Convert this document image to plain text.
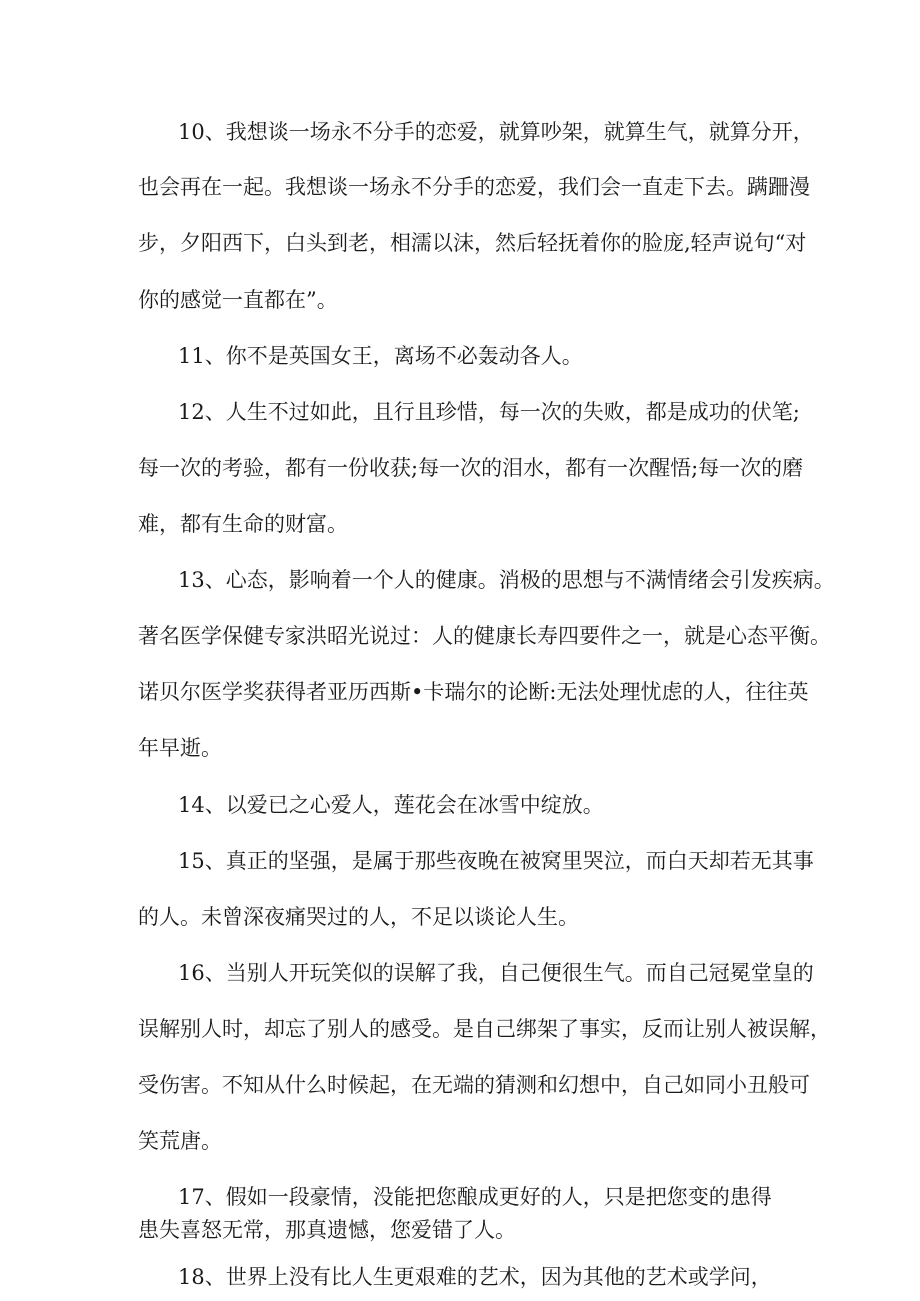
10、我想谈一场永不分手的恋爱，就算吵架，就算生气，就算分开，

也会再在一起。我想谈一场永不分手的恋爱，我们会一直走下去。蹒跚漫

步，夕阳西下，白头到老，相濡以沫，然后轻抚着你的脸庞,轻声说句“对

你的感觉一直都在”。

11、你不是英国女王，离场不必轰动各人。

12、人生不过如此，且行且珍惜，每一次的失败，都是成功的伏笔;

每一次的考验，都有一份收获;每一次的泪水，都有一次醒悟;每一次的磨

难，都有生命的财富。

13、心态，影响着一个人的健康。消极的思想与不满情绪会引发疾病。

著名医学保健专家洪昭光说过：人的健康长寿四要件之一，就是心态平衡。

诺贝尔医学奖获得者亚历西斯•卡瑞尔的论断:无法处理忧虑的人，往往英

年早逝。

14、以爱已之心爱人，莲花会在冰雪中绽放。

15、真正的坚强，是属于那些夜晚在被窝里哭泣，而白天却若无其事

的人。未曾深夜痛哭过的人，不足以谈论人生。

16、当别人开玩笑似的误解了我，自己便很生气。而自己冠冕堂皇的

误解别人时，却忘了别人的感受。是自己绑架了事实，反而让别人被误解，

受伤害。不知从什么时候起，在无端的猜测和幻想中，自己如同小丑般可

笑荒唐。

17、假如一段豪情，没能把您酿成更好的人，只是把您变的患得

患失喜怒无常，那真遗憾，您爱错了人。

18、世界上没有比人生更艰难的艺术，因为其他的艺术或学问，
